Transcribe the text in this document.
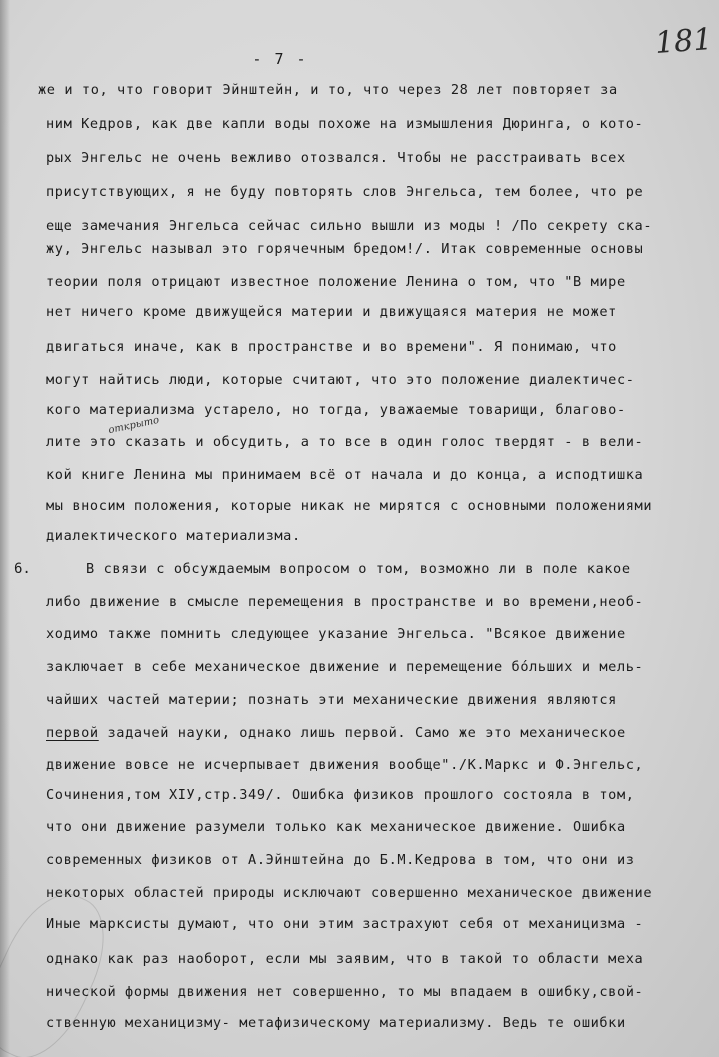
- 7 -	181
же и то, что говорит Эйнштейн, и то, что через 28 лет повторяет за
ним Кедров, как две капли воды похоже на измышления Дюринга, о кото-
рых Энгельс не очень вежливо отозвался. Чтобы не расстраивать всех
присутствующих, я не буду повторять слов Энгельса, тем более, что ре
еще замечания Энгельса сейчас сильно вышли из моды ! /По секрету ска-
жу, Энгельс называл это горячечным бредом!/. Итак современные основы
теории поля отрицают известное положение Ленина о том, что "В мире
нет ничего кроме движущейся материи и движущаяся материя не может
двигаться иначе, как в пространстве и во времени". Я понимаю, что
могут найтись люди, которые считают, что это положение диалектичес-
кого материализма устарело, но тогда, уважаемые товарищи, благово-
открыто
лите это сказать и обсудить, а то все в один голос твердят - в вели-
кой книге Ленина мы принимаем всё от начала и до конца, а исподтишка
мы вносим положения, которые никак не мирятся с основными положениями
диалектического материализма.
6.	В связи с обсуждаемым вопросом о том, возможно ли в поле какое
либо движение в смысле перемещения в пространстве и во времени,необ-
ходимо также помнить следующее указание Энгельса. "Всякое движение
заключает в себе механическое движение и перемещение бóльших и мель-
чайших частей материи; познать эти механические движения являются
первой задачей науки, однако лишь первой. Само же это механическое
движение вовсе не исчерпывает движения вообще"./К.Маркс и Ф.Энгельс,
Сочинения,том XIУ,стр.349/. Ошибка физиков прошлого состояла в том,
что они движение разумели только как механическое движение. Ошибка
современных физиков от А.Эйнштейна до Б.М.Кедрова в том, что они из
некоторых областей природы исключают совершенно механическое движение
Иные марксисты думают, что они этим застрахуют себя от механицизма -
однако как раз наоборот, если мы заявим, что в такой то области меха
нической формы движения нет совершенно, то мы впадаем в ошибку,свой-
ственную механицизму- метафизическому материализму. Ведь те ошибки
